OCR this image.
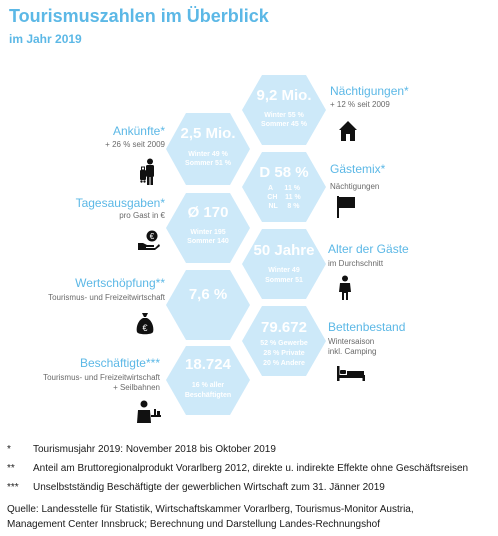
Tourismuszahlen im Überblick
im Jahr 2019
9,2 Mio.
Winter 55 %
Sommer 45 %
2,5 Mio.
Winter 49 %
Sommer 51 %
D 58 %
A      11 %
CH    11 %
NL     8 %
Ø 170
Winter 195
Sommer 140
50 Jahre
Winter 49
Sommer 51
7,6 %
79.672
52 % Gewerbe
28 % Private
20 % Andere
18.724
16 % aller
Beschäftigten
Nächtigungen*
+ 12 % seit 2009
Gästemix*
Nächtigungen
Alter der Gäste
im Durchschnitt
Bettenbestand
Wintersaison
inkl. Camping
Ankünfte*
+ 26 % seit 2009
Tagesausgaben*
pro Gast in €
Wertschöpfung**
Tourismus- und Freizeitwirtschaft
Beschäftigte***
Tourismus- und Freizeitwirtschaft
+ Seilbahnen
€
€
* Tourismusjahr 2019: November 2018 bis Oktober 2019
** Anteil am Bruttoregionalprodukt Vorarlberg 2012, direkte u. indirekte Effekte ohne Geschäftsreisen
*** Unselbstständig Beschäftigte der gewerblichen Wirtschaft zum 31. Jänner 2019
Quelle: Landesstelle für Statistik, Wirtschaftskammer Vorarlberg, Tourismus-Monitor Austria,
Management Center Innsbruck; Berechnung und Darstellung Landes-Rechnungshof
